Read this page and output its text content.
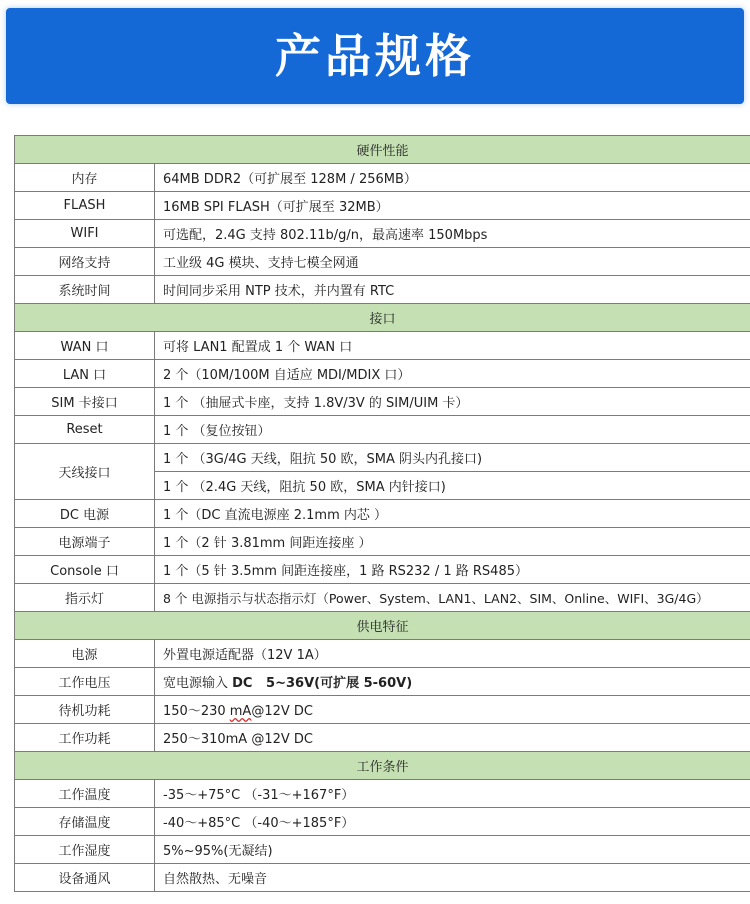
产品规格
硬件性能	
内存	64MB DDR2（可扩展至 128M / 256MB）
FLASH	16MB SPI FLASH（可扩展至 32MB）
WIFI	可选配，2.4G 支持 802.11b/g/n，最高速率 150Mbps
网络支持	工业级 4G 模块、支持七模全网通
系统时间	时间同步采用 NTP 技术，并内置有 RTC
接口	
WAN 口	可将 LAN1 配置成 1 个 WAN 口
LAN 口	2 个（10M/100M 自适应 MDI/MDIX 口）
SIM 卡接口	1 个 （抽屉式卡座，支持 1.8V/3V 的 SIM/UIM 卡）
Reset	1 个 （复位按钮）
天线接口	1 个 （3G/4G 天线，阻抗 50 欧，SMA 阴头内孔接口)
	1 个 （2.4G 天线，阻抗 50 欧，SMA 内针接口)
DC 电源	1 个（DC 直流电源座 2.1mm 内芯 ）
电源端子	1 个（2 针 3.81mm 间距连接座 ）
Console 口	1 个（5 针 3.5mm 间距连接座，1 路 RS232 / 1 路 RS485）
指示灯	8 个 电源指示与状态指示灯（Power、System、LAN1、LAN2、SIM、Online、WIFI、3G/4G）
供电特征	
电源	外置电源适配器（12V 1A）
工作电压	宽电源输入 DC   5~36V(可扩展 5-60V)
待机功耗	150～230 mA@12V DC
工作功耗	250～310mA @12V DC
工作条件	
工作温度	-35～+75°C （-31～+167°F）
存储温度	-40～+85°C （-40～+185°F）
工作湿度	5%~95%(无凝结)
设备通风	自然散热、无噪音
